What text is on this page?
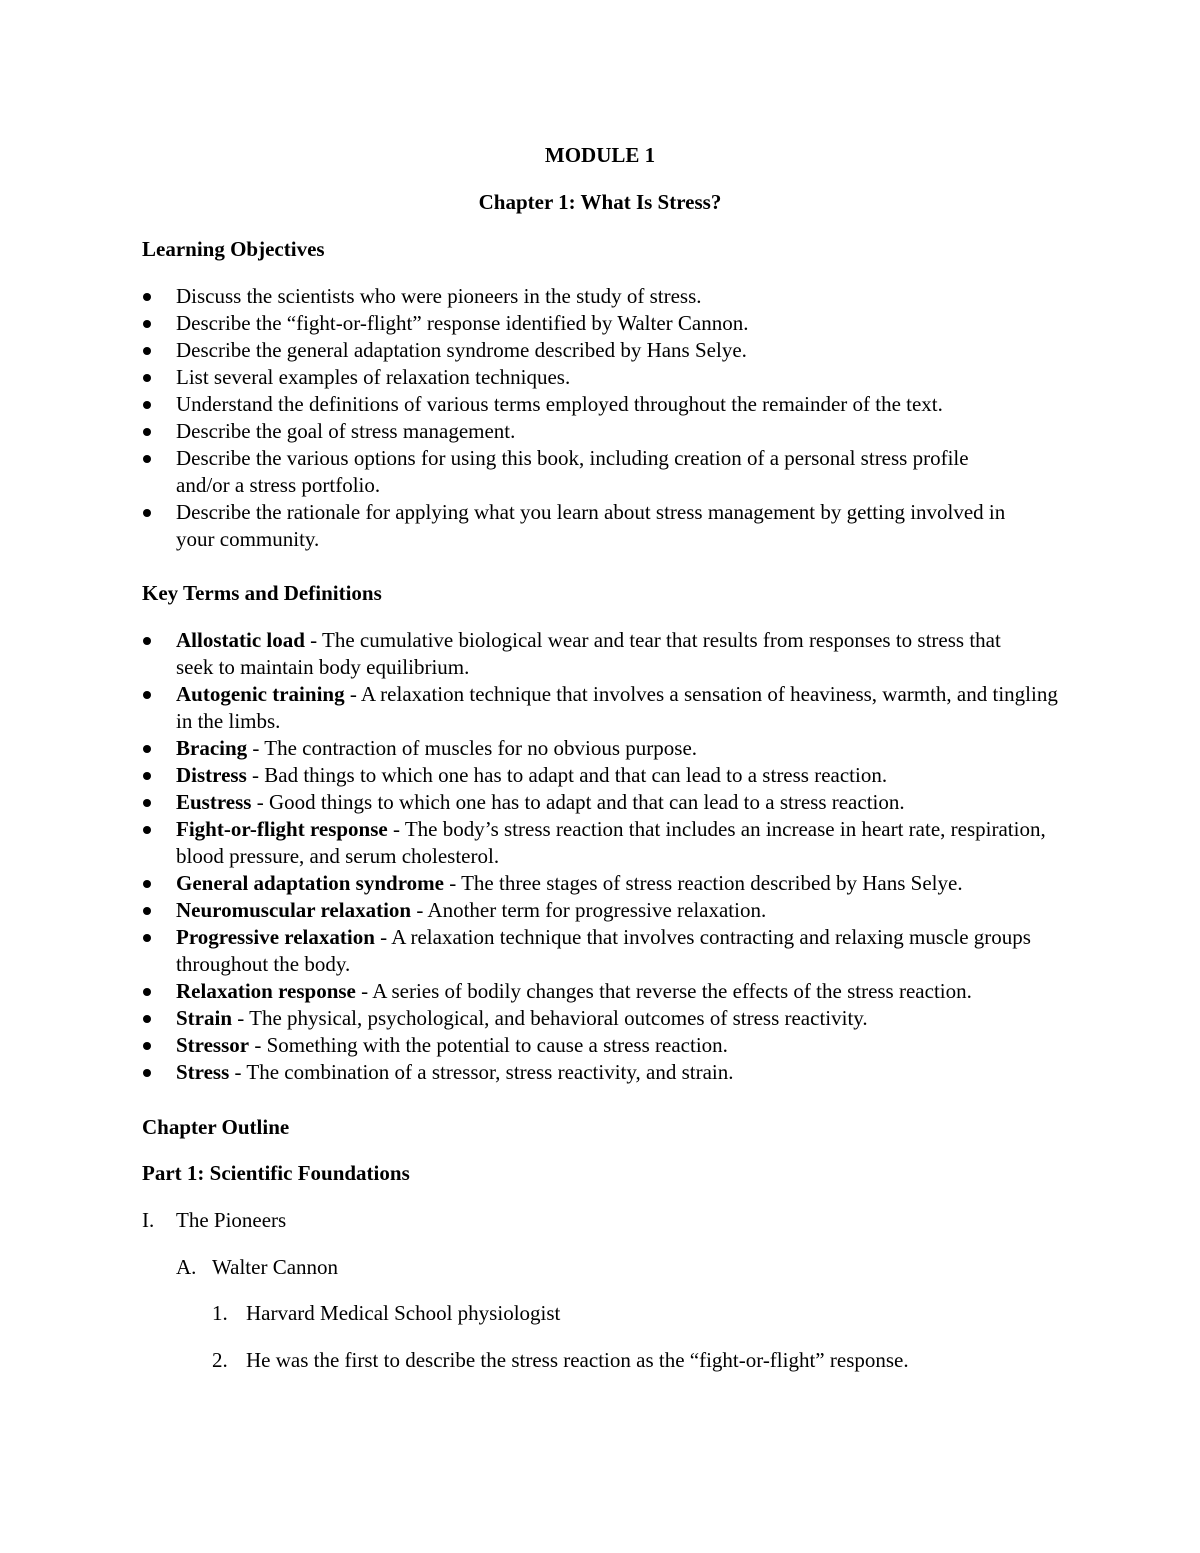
MODULE 1
Chapter 1: What Is Stress?
Learning Objectives
Discuss the scientists who were pioneers in the study of stress.
Describe the “fight-or-flight” response identified by Walter Cannon.
Describe the general adaptation syndrome described by Hans Selye.
List several examples of relaxation techniques.
Understand the definitions of various terms employed throughout the remainder of the text.
Describe the goal of stress management.
Describe the various options for using this book, including creation of a personal stress profile and/or a stress portfolio.
Describe the rationale for applying what you learn about stress management by getting involved in your community.
Key Terms and Definitions
Allostatic load - The cumulative biological wear and tear that results from responses to stress that seek to maintain body equilibrium.
Autogenic training - A relaxation technique that involves a sensation of heaviness, warmth, and tingling in the limbs.
Bracing - The contraction of muscles for no obvious purpose.
Distress - Bad things to which one has to adapt and that can lead to a stress reaction.
Eustress - Good things to which one has to adapt and that can lead to a stress reaction.
Fight-or-flight response - The body’s stress reaction that includes an increase in heart rate, respiration, blood pressure, and serum cholesterol.
General adaptation syndrome - The three stages of stress reaction described by Hans Selye.
Neuromuscular relaxation - Another term for progressive relaxation.
Progressive relaxation - A relaxation technique that involves contracting and relaxing muscle groups throughout the body.
Relaxation response - A series of bodily changes that reverse the effects of the stress reaction.
Strain - The physical, psychological, and behavioral outcomes of stress reactivity.
Stressor - Something with the potential to cause a stress reaction.
Stress - The combination of a stressor, stress reactivity, and strain.
Chapter Outline
Part 1: Scientific Foundations
I. The Pioneers
A. Walter Cannon
1. Harvard Medical School physiologist
2. He was the first to describe the stress reaction as the “fight-or-flight” response.
